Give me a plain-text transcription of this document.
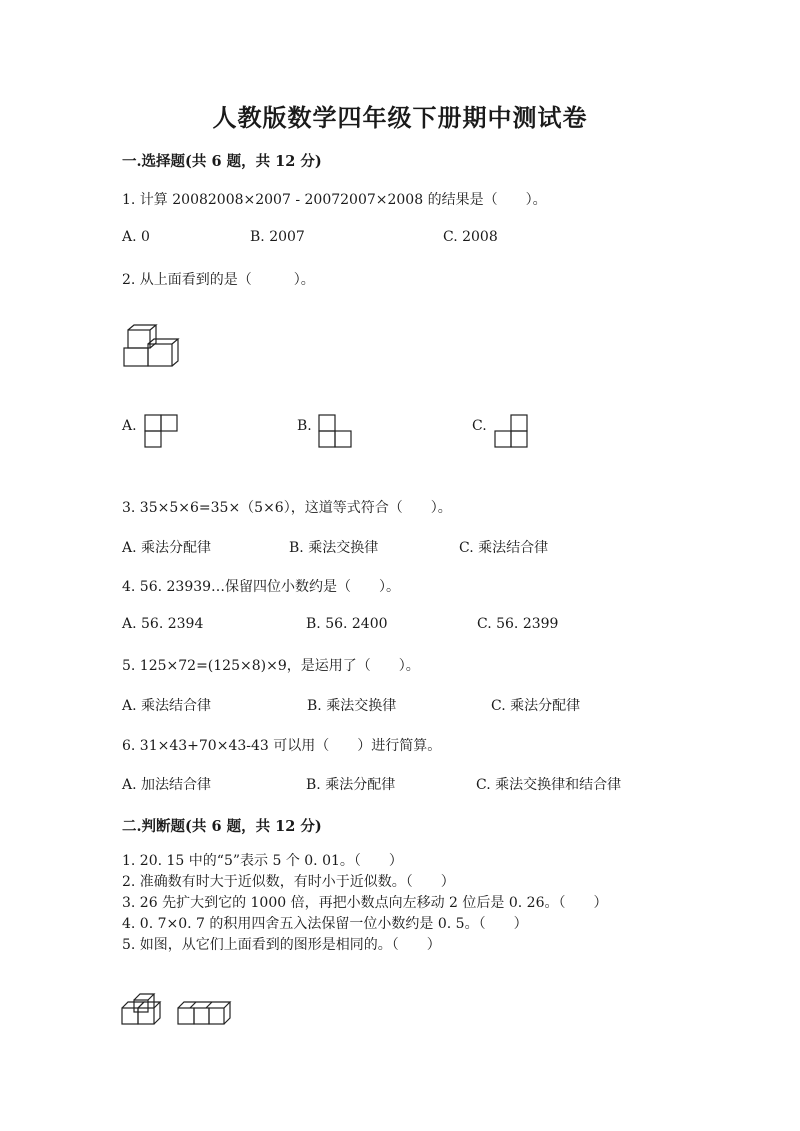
人教版数学四年级下册期中测试卷
一.选择题(共 6 题，共 12 分)
1. 计算 20082008×2007 - 20072007×2008 的结果是（　　）。
A. 0	B. 2007	C. 2008
2. 从上面看到的是（　　　）。
A.	B.	C.
3. 35×5×6=35×（5×6），这道等式符合（　　）。
A. 乘法分配律	B. 乘法交换律	C. 乘法结合律
4. 56. 23939…保留四位小数约是（　　）。
A. 56. 2394	B. 56. 2400	C. 56. 2399
5. 125×72=(125×8)×9，是运用了（　　）。
A. 乘法结合律	B. 乘法交换律	C. 乘法分配律
6. 31×43+70×43-43 可以用（　　）进行简算。
A. 加法结合律	B. 乘法分配律	C. 乘法交换律和结合律
二.判断题(共 6 题，共 12 分)
1. 20. 15 中的“5”表示 5 个 0. 01。（　　）
2. 准确数有时大于近似数，有时小于近似数。（　　）
3. 26 先扩大到它的 1000 倍，再把小数点向左移动 2 位后是 0. 26。（　　）
4. 0. 7×0. 7 的积用四舍五入法保留一位小数约是 0. 5。（　　）
5. 如图，从它们上面看到的图形是相同的。（　　）
